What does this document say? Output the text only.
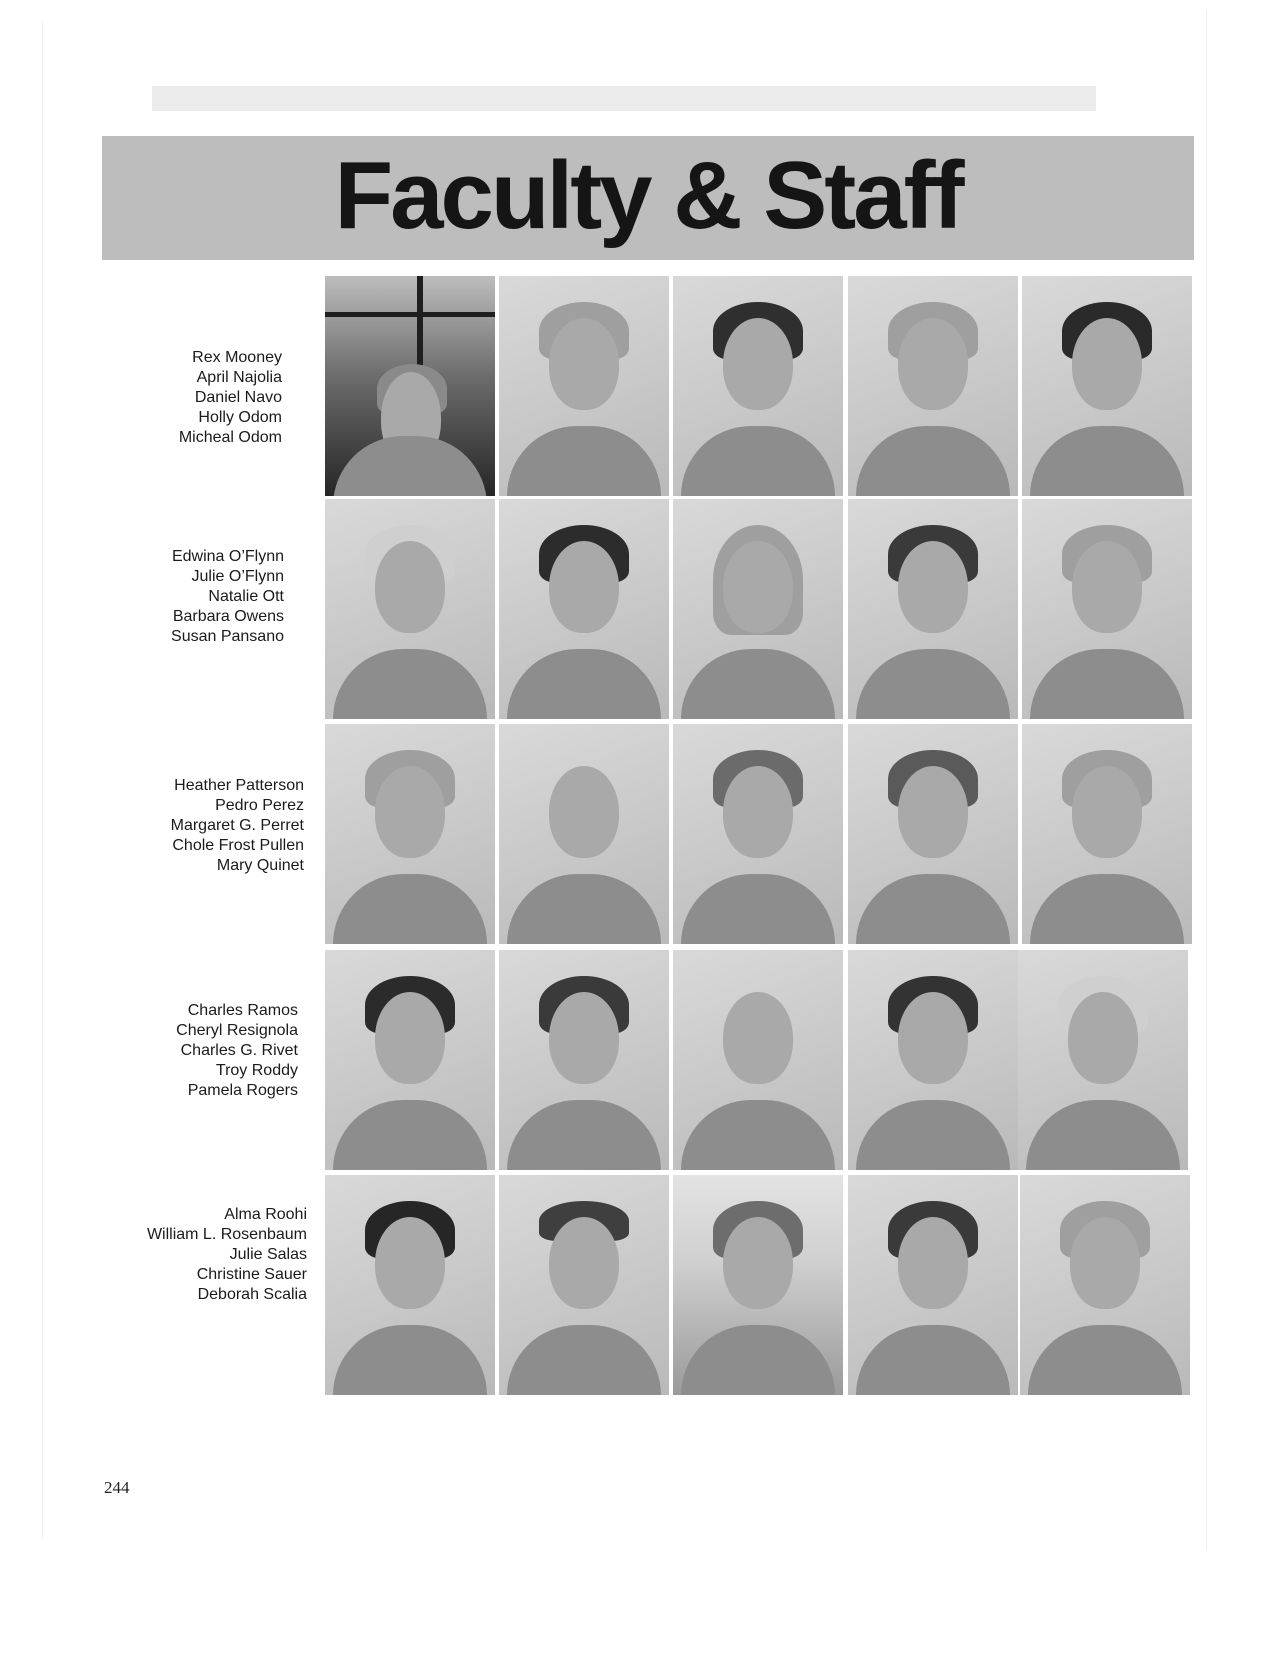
Faculty & Staff
Rex Mooney
April Najolia
Daniel Navo
Holly Odom
Micheal Odom
Edwina O’Flynn
Julie O’Flynn
Natalie Ott
Barbara Owens
Susan Pansano
Heather Patterson
Pedro Perez
Margaret G. Perret
Chole Frost Pullen
Mary Quinet
Charles Ramos
Cheryl Resignola
Charles G. Rivet
Troy Roddy
Pamela Rogers
Alma Roohi
William L. Rosenbaum
Julie Salas
Christine Sauer
Deborah Scalia
244
